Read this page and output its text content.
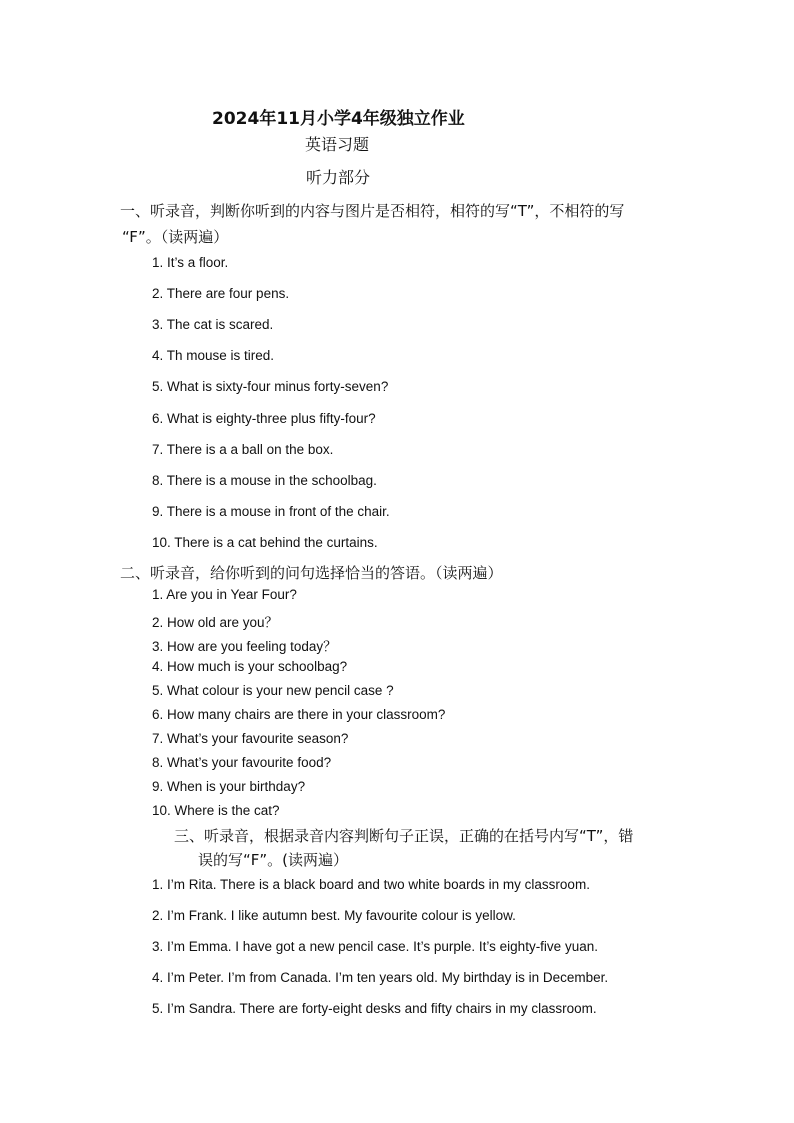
2024年11月小学4年级独立作业
英语习题
听力部分
一、听录音，判断你听到的内容与图片是否相符，相符的写“T”，不相符的写
“F”。（读两遍）
1. It’s a floor.
2. There are four pens.
3. The cat is scared.
4. Th mouse is tired.
5. What is sixty-four minus forty-seven?
6. What is eighty-three plus fifty-four?
7. There is a a ball on the box.
8. There is a mouse in the schoolbag.
9. There is a mouse in front of the chair.
10. There is a cat behind the curtains.
二、听录音，给你听到的问句选择恰当的答语。（读两遍）
1. Are you in Year Four?
2. How old are you？
3. How are you feeling today？
4. How much is your schoolbag?
5. What colour is your new pencil case ?
6. How many chairs are there in your classroom?
7. What’s your favourite season?
8. What’s your favourite food?
9. When is your birthday?
10. Where is the cat?
三、听录音，根据录音内容判断句子正误，正确的在括号内写“T”，错
误的写“F”。(读两遍）
1. I’m Rita. There is a black board and two white boards in my classroom.
2. I’m Frank. I like autumn best. My favourite colour is yellow.
3. I’m Emma. I have got a new pencil case. It’s purple. It’s eighty-five yuan.
4. I’m Peter. I’m from Canada. I’m ten years old. My birthday is in December.
5. I’m Sandra. There are forty-eight desks and fifty chairs in my classroom.
